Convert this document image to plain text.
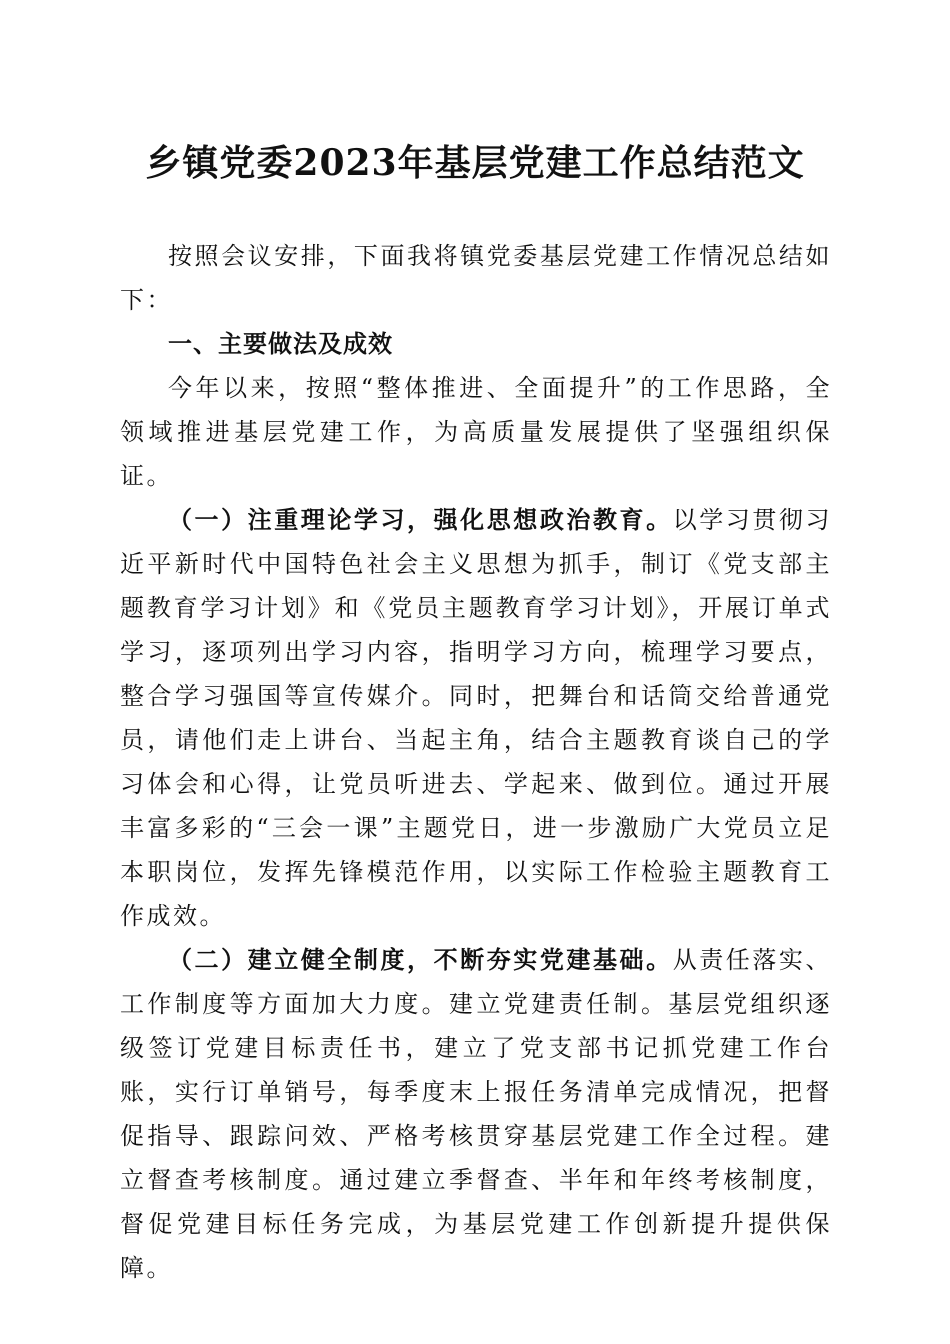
乡镇党委2023年基层党建工作总结范文

按照会议安排，下面我将镇党委基层党建工作情况总结如下：

一、主要做法及成效

今年以来，按照“整体推进、全面提升”的工作思路，全领域推进基层党建工作，为高质量发展提供了坚强组织保证。

（一）注重理论学习，强化思想政治教育。以学习贯彻习近平新时代中国特色社会主义思想为抓手，制订《党支部主题教育学习计划》和《党员主题教育学习计划》，开展订单式学习，逐项列出学习内容，指明学习方向，梳理学习要点，整合学习强国等宣传媒介。同时，把舞台和话筒交给普通党员，请他们走上讲台、当起主角，结合主题教育谈自己的学习体会和心得，让党员听进去、学起来、做到位。通过开展丰富多彩的“三会一课”主题党日，进一步激励广大党员立足本职岗位，发挥先锋模范作用，以实际工作检验主题教育工作成效。

（二）建立健全制度，不断夯实党建基础。从责任落实、工作制度等方面加大力度。建立党建责任制。基层党组织逐级签订党建目标责任书，建立了党支部书记抓党建工作台账，实行订单销号，每季度末上报任务清单完成情况，把督促指导、跟踪问效、严格考核贯穿基层党建工作全过程。建立督查考核制度。通过建立季督查、半年和年终考核制度，督促党建目标任务完成，为基层党建工作创新提升提供保障。
